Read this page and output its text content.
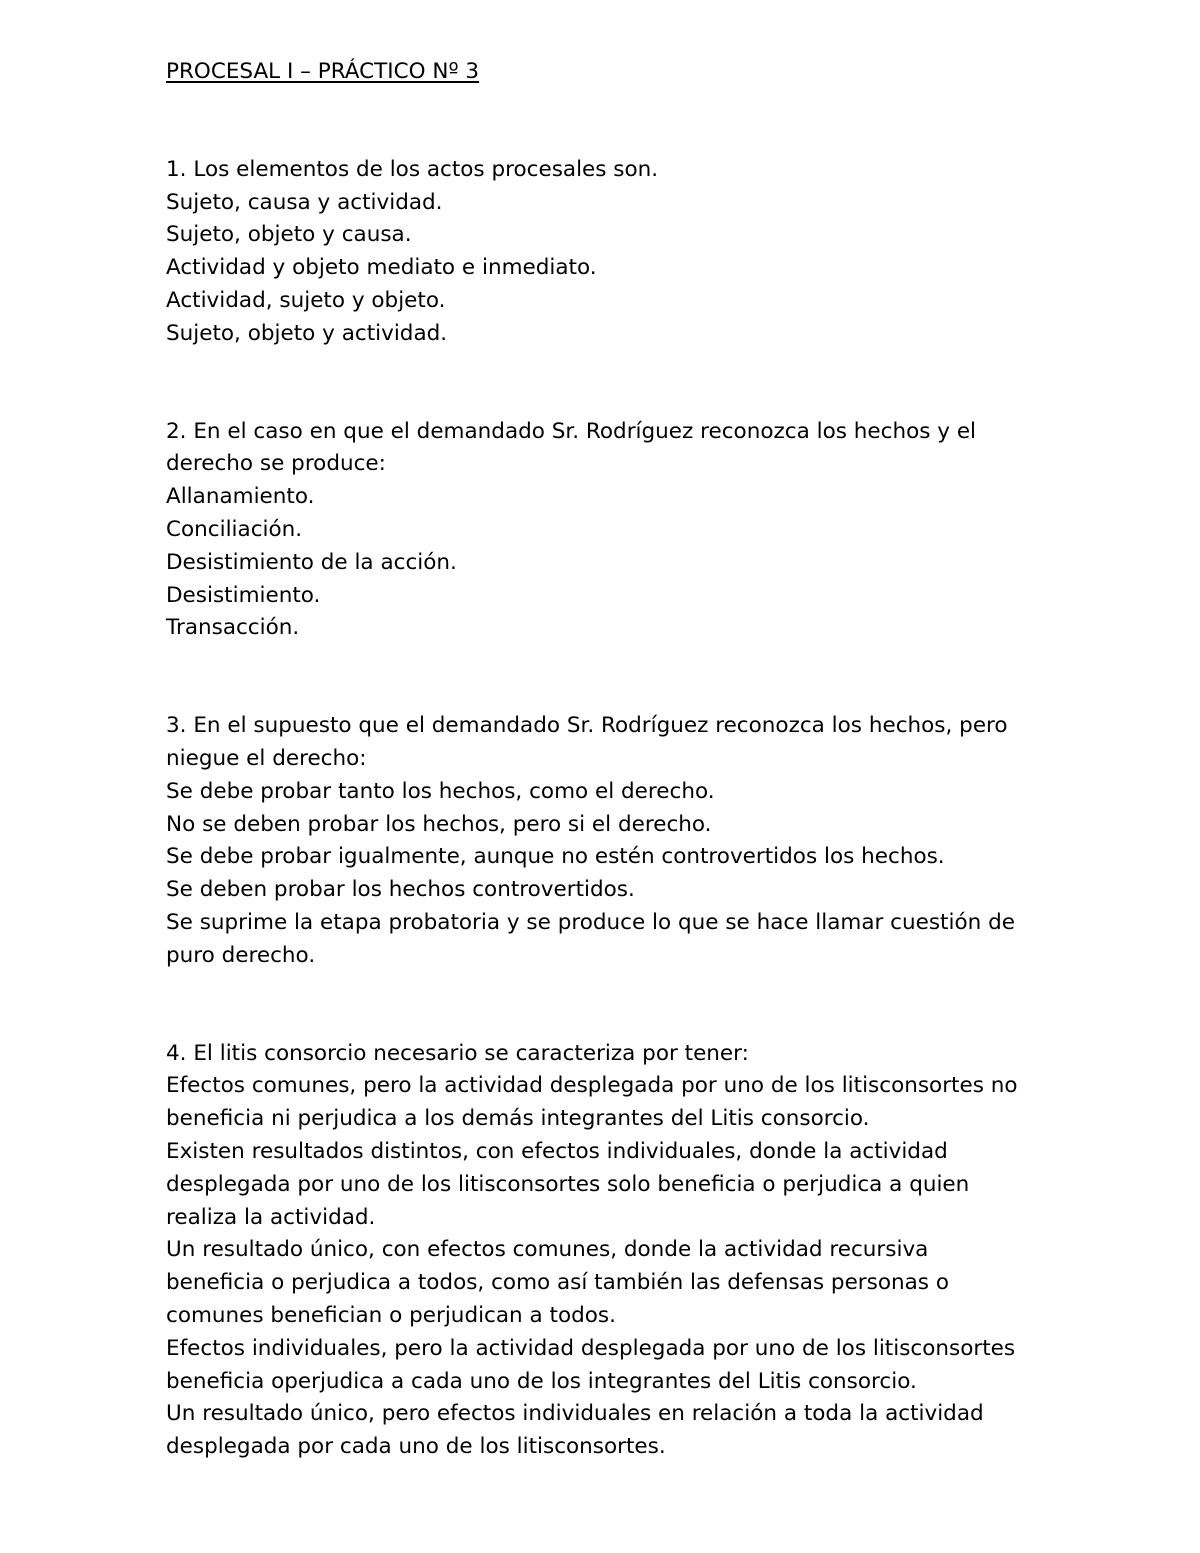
PROCESAL I – PRÁCTICO Nº 3

1. Los elementos de los actos procesales son.

Sujeto, causa y actividad.

Sujeto, objeto y causa.

Actividad y objeto mediato e inmediato.

Actividad, sujeto y objeto.

Sujeto, objeto y actividad.

2. En el caso en que el demandado Sr. Rodríguez reconozca los hechos y el

derecho se produce:

Allanamiento.

Conciliación.

Desistimiento de la acción.

Desistimiento.

Transacción.

3. En el supuesto que el demandado Sr. Rodríguez reconozca los hechos, pero

niegue el derecho:

Se debe probar tanto los hechos, como el derecho.

No se deben probar los hechos, pero si el derecho.

Se debe probar igualmente, aunque no estén controvertidos los hechos.

Se deben probar los hechos controvertidos.

Se suprime la etapa probatoria y se produce lo que se hace llamar cuestión de

puro derecho.

4. El litis consorcio necesario se caracteriza por tener:

Efectos comunes, pero la actividad desplegada por uno de los litisconsortes no

beneficia ni perjudica a los demás integrantes del Litis consorcio.

Existen resultados distintos, con efectos individuales, donde la actividad

desplegada por uno de los litisconsortes solo beneficia o perjudica a quien

realiza la actividad.

Un resultado único, con efectos comunes, donde la actividad recursiva

beneficia o perjudica a todos, como así también las defensas personas o

comunes benefician o perjudican a todos.

Efectos individuales, pero la actividad desplegada por uno de los litisconsortes

beneficia operjudica a cada uno de los integrantes del Litis consorcio.

Un resultado único, pero efectos individuales en relación a toda la actividad

desplegada por cada uno de los litisconsortes.
